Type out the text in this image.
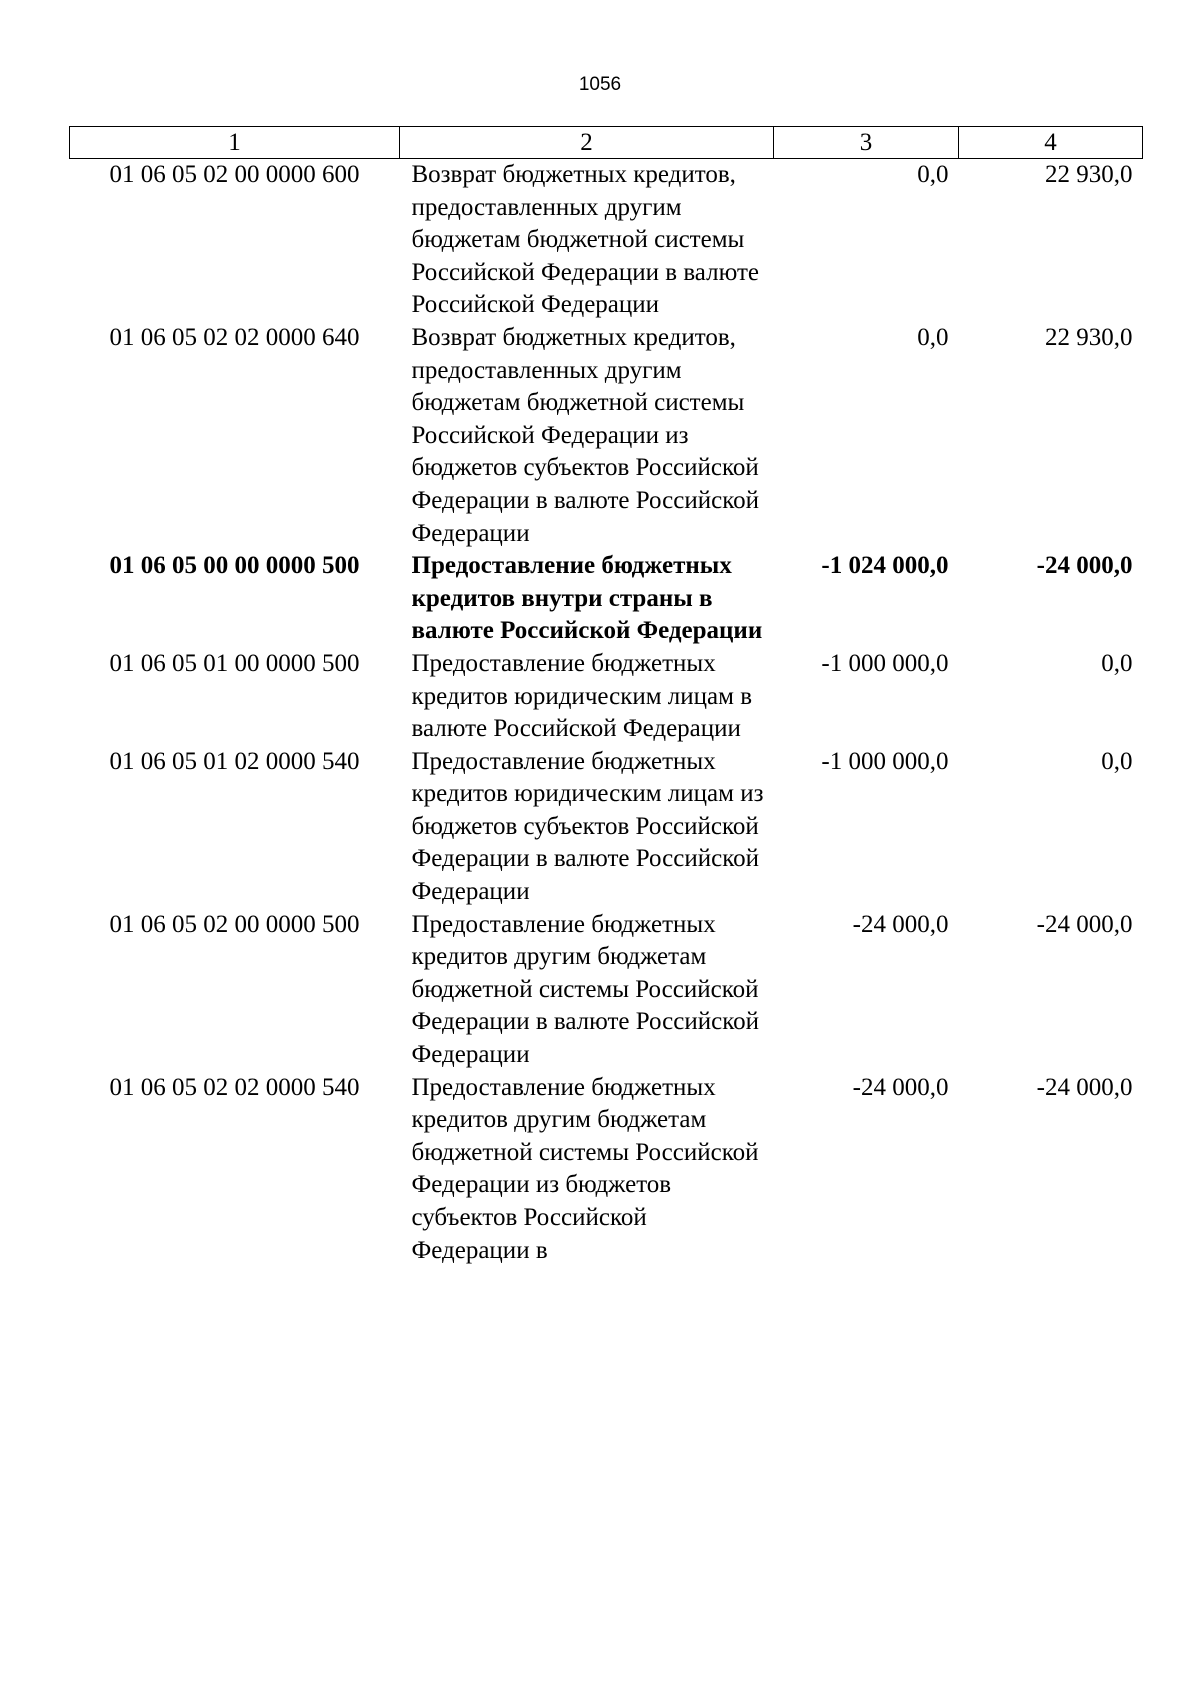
1056
1	2	3	4
01 06 05 02 00 0000 600	Возврат бюджетных кредитов, предоставленных другим бюджетам бюджетной системы Российской Федерации в валюте Российской Федерации	0,0	22 930,0
01 06 05 02 02 0000 640	Возврат бюджетных кредитов, предоставленных другим бюджетам бюджетной системы Российской Федерации из бюджетов субъектов Российской Федерации в валюте Российской Федерации	0,0	22 930,0
01 06 05 00 00 0000 500	Предоставление бюджетных кредитов внутри страны в валюте Российской Федерации	-1 024 000,0	-24 000,0
01 06 05 01 00 0000 500	Предоставление бюджетных кредитов юридическим лицам в валюте Российской Федерации	-1 000 000,0	0,0
01 06 05 01 02 0000 540	Предоставление бюджетных кредитов юридическим лицам из бюджетов субъектов Российской Федерации в валюте Российской Федерации	-1 000 000,0	0,0
01 06 05 02 00 0000 500	Предоставление бюджетных кредитов другим бюджетам бюджетной системы Российской Федерации в валюте Российской Федерации	-24 000,0	-24 000,0
01 06 05 02 02 0000 540	Предоставление бюджетных кредитов другим бюджетам бюджетной системы Российской Федерации из бюджетов субъектов Российской Федерации в	-24 000,0	-24 000,0
